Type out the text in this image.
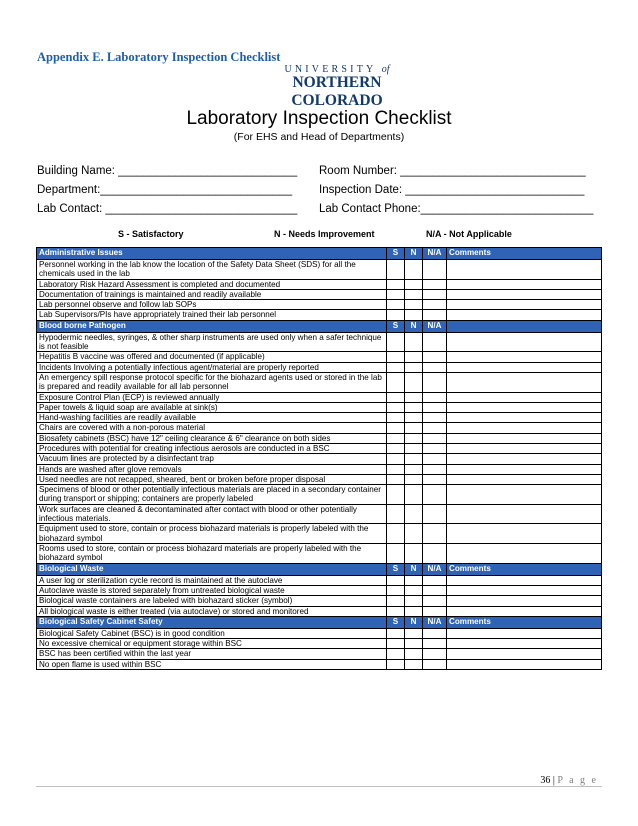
Appendix E. Laboratory Inspection Checklist
UNIVERSITY of
NORTHERN COLORADO
Laboratory Inspection Checklist
(For EHS and Head of Departments)
Building Name: ____________________________ Room Number: _____________________________
Department:______________________________ Inspection Date: ____________________________
Lab Contact: ______________________________ Lab Contact Phone:___________________________
S - Satisfactory	N - Needs Improvement	N/A - Not Applicable
Administrative Issues	S	N	N/A	Comments
Personnel working in the lab know the location of the Safety Data Sheet (SDS) for all the chemicals used in the lab				
Laboratory Risk Hazard Assessment is completed and documented				
Documentation of trainings is maintained and readily available				
Lab personnel observe and follow lab SOPs				
Lab Supervisors/PIs have appropriately trained their lab personnel				
Blood borne Pathogen	S	N	N/A	
Hypodermic needles, syringes, & other sharp instruments are used only when a safer technique is not feasible				
Hepatitis B vaccine was offered and documented (if applicable)				
Incidents Involving a potentially infectious agent/material are properly reported				
An emergency spill response protocol specific for the biohazard agents used or stored in the lab is prepared and readily available for all lab personnel				
Exposure Control Plan (ECP) is reviewed annually				
Paper towels & liquid soap are available at sink(s)				
Hand-washing facilities are readily available				
Chairs are covered with a non-porous material				
Biosafety cabinets (BSC) have 12" ceiling clearance & 6" clearance on both sides				
Procedures with potential for creating infectious aerosols are conducted in a BSC				
Vacuum lines are protected by a disinfectant trap				
Hands are washed after glove removals				
Used needles are not recapped, sheared, bent or broken before proper disposal				
Specimens of blood or other potentially infectious materials are placed in a secondary container during transport or shipping; containers are properly labeled				
Work surfaces are cleaned & decontaminated after contact with blood or other potentially infectious materials.				
Equipment used to store, contain or process biohazard materials is properly labeled with the biohazard symbol				
Rooms used to store, contain or process biohazard materials are properly labeled with the biohazard symbol				
Biological Waste	S	N	N/A	Comments
A user log or sterilization cycle record is maintained at the autoclave				
Autoclave waste is stored separately from untreated biological waste				
Biological waste containers are labeled with biohazard sticker (symbol)				
All biological waste is either treated (via autoclave) or stored and monitored				
Biological Safety Cabinet Safety	S	N	N/A	Comments
Biological Safety Cabinet (BSC) is in good condition				
No excessive chemical or equipment storage within BSC				
BSC has been certified within the last year				
No open flame is used within BSC				
36 | P a g e
